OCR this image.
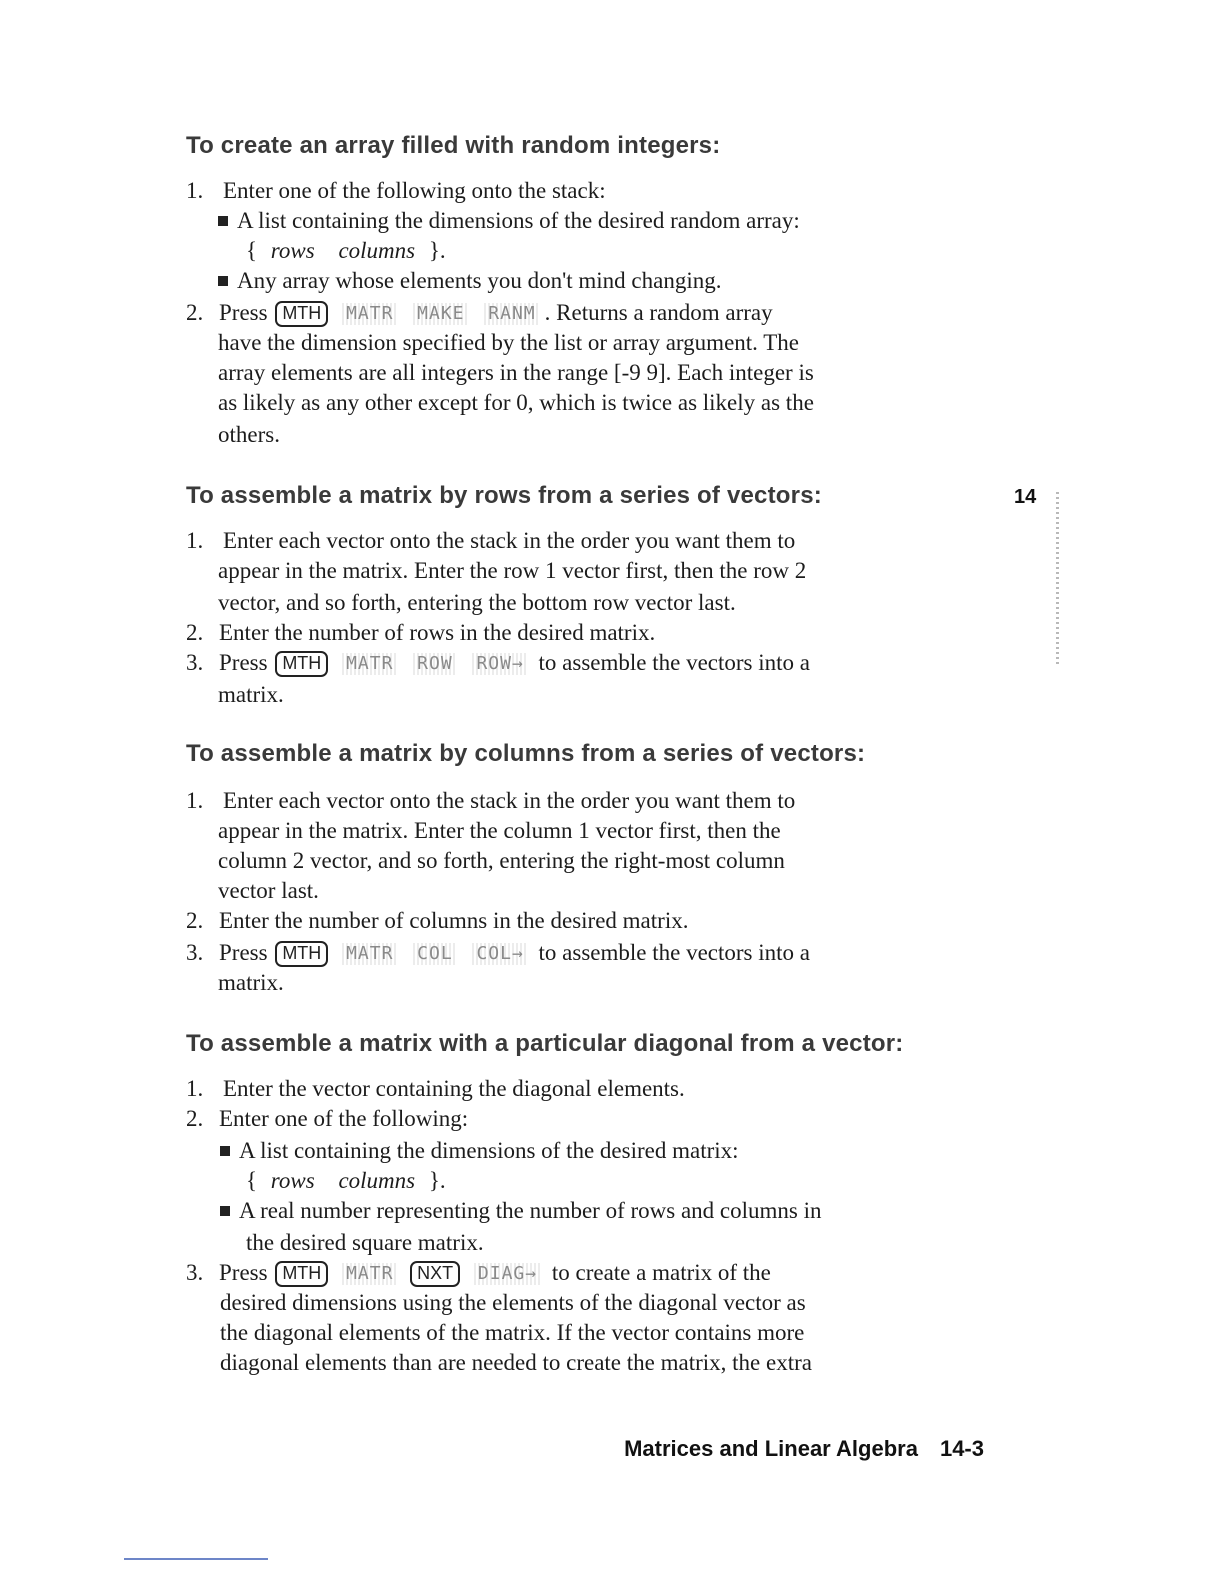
To create an array filled with random integers:
1. Enter one of the following onto the stack:
A list containing the dimensions of the desired random array:
{ rows columns }.
Any array whose elements you don't mind changing.
2. Press MTH MATR MAKE RANM . Returns a random array
have the dimension specified by the list or array argument. The
array elements are all integers in the range [-9 9]. Each integer is
as likely as any other except for 0, which is twice as likely as the
others.
To assemble a matrix by rows from a series of vectors:
1. Enter each vector onto the stack in the order you want them to
appear in the matrix. Enter the row 1 vector first, then the row 2
vector, and so forth, entering the bottom row vector last.
2. Enter the number of rows in the desired matrix.
3. Press MTH MATR ROW ROW→ to assemble the vectors into a
matrix.
To assemble a matrix by columns from a series of vectors:
1. Enter each vector onto the stack in the order you want them to
appear in the matrix. Enter the column 1 vector first, then the
column 2 vector, and so forth, entering the right-most column
vector last.
2. Enter the number of columns in the desired matrix.
3. Press MTH MATR COL COL→ to assemble the vectors into a
matrix.
To assemble a matrix with a particular diagonal from a vector:
1. Enter the vector containing the diagonal elements.
2. Enter one of the following:
A list containing the dimensions of the desired matrix:
{ rows columns }.
A real number representing the number of rows and columns in
the desired square matrix.
3. Press MTH MATR NXT DIAG→ to create a matrix of the
desired dimensions using the elements of the diagonal vector as
the diagonal elements of the matrix. If the vector contains more
diagonal elements than are needed to create the matrix, the extra
14
Matrices and Linear Algebra 14-3
